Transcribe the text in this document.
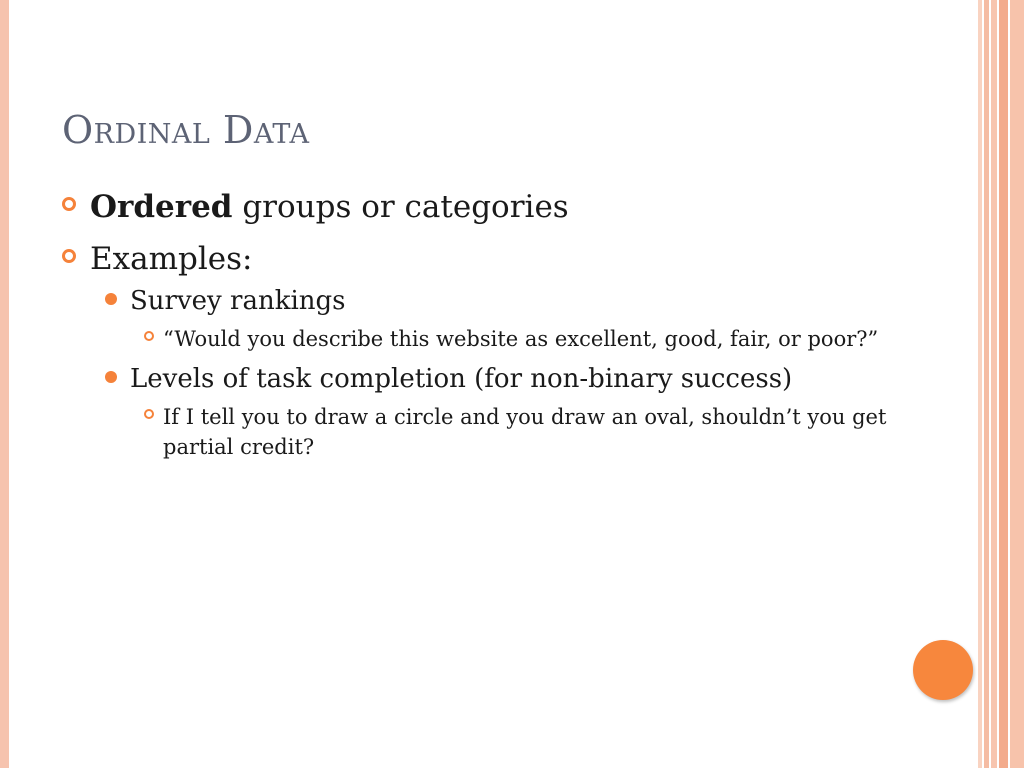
Ordinal Data
Ordered groups or categories
Examples:
Survey rankings
“Would you describe this website as excellent, good, fair, or poor?”
Levels of task completion (for non-binary success)
If I tell you to draw a circle and you draw an oval, shouldn’t you get partial credit?
